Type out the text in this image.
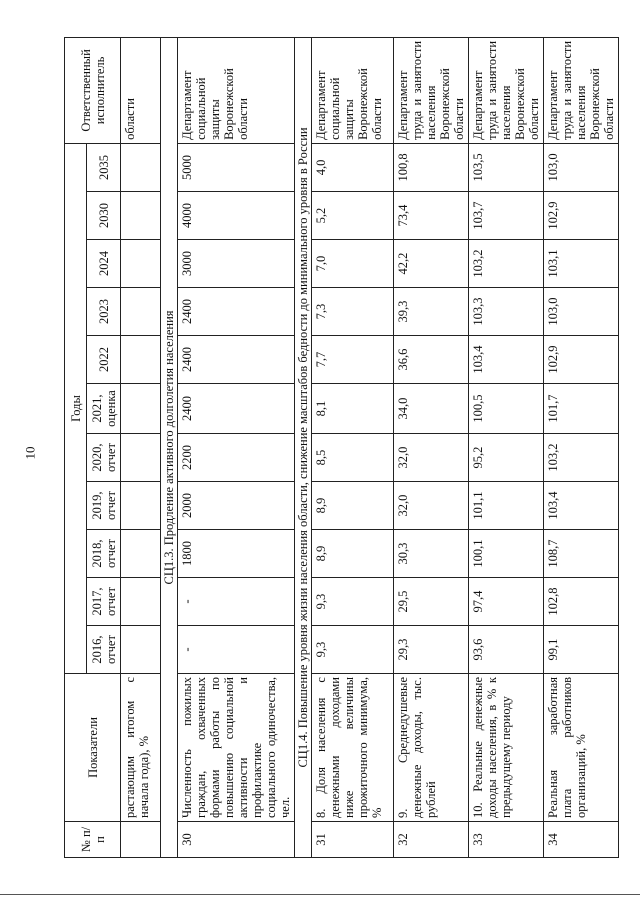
10
№ п/п	Показатели	Годы											Ответственный исполнитель
		2016, отчет	2017, отчет	2018, отчет	2019, отчет	2020, отчет	2021, оценка	2022	2023	2024	2030	2035	
	растающим итогом с начала года), %												области
СЦ1.3. Продление активного долголетия населения													
30	Численность пожилых граждан, охваченных формами работы по повышению социальной активности и профилактике социального одиночества, чел.	-	-	1800	2000	2200	2400	2400	2400	3000	4000	5000	Департамент социальной защиты Воронежской области
СЦ1.4. Повышение уровня жизни населения области, снижение масштабов бедности до минимального уровня в России													
31	8. Доля населения с денежными доходами ниже величины прожиточного минимума, %	9,3	9,3	8,9	8,9	8,5	8,1	7,7	7,3	7,0	5,2	4,0	Департамент социальной защиты Воронежской области
32	9. Среднедушевые денежные доходы, тыс. рублей	29,3	29,5	30,3	32,0	32,0	34,0	36,6	39,3	42,2	73,4	100,8	Департамент труда и занятости населения Воронежской области
33	10. Реальные денежные доходы населения, в % к предыдущему периоду	93,6	97,4	100,1	101,1	95,2	100,5	103,4	103,3	103,2	103,7	103,5	Департамент труда и занятости населения Воронежской области
34	Реальная заработная плата работников организаций, %	99,1	102,8	108,7	103,4	103,2	101,7	102,9	103,0	103,1	102,9	103,0	Департамент труда и занятости населения Воронежской области
